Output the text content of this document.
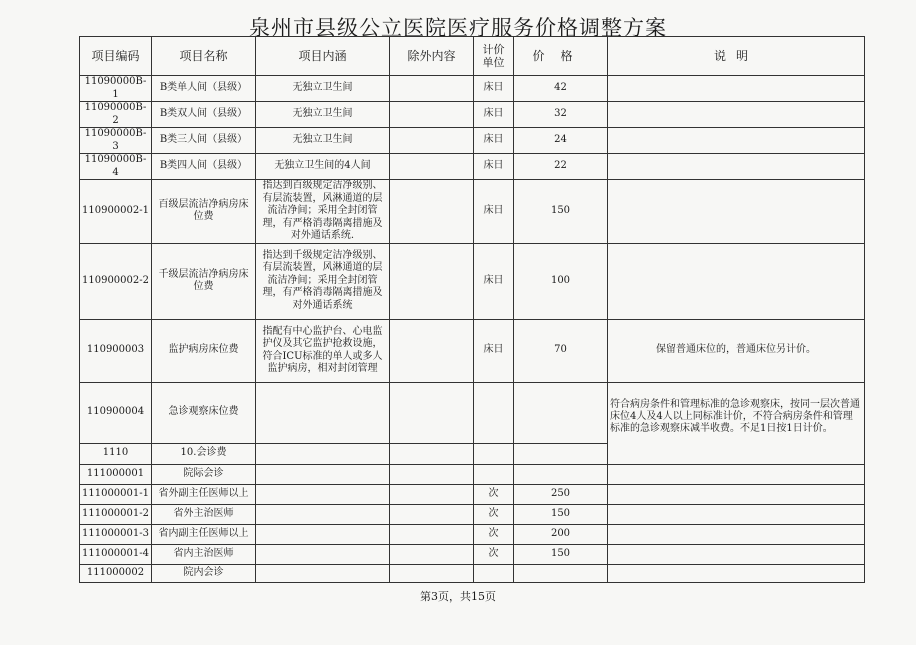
泉州市县级公立医院医疗服务价格调整方案
项目编码	项目名称	项目内涵	除外内容	计价单位	价格	说明
11090000B-1	B类单人间（县级）	无独立卫生间		床日	42	
11090000B-2	B类双人间（县级）	无独立卫生间		床日	32	
11090000B-3	B类三人间（县级）	无独立卫生间		床日	24	
11090000B-4	B类四人间（县级）	无独立卫生间的4人间		床日	22	
110900002-1	百级层流洁净病房床位费	指达到百级规定洁净级别、有层流装置，风淋通道的层流洁净间；采用全封闭管理，有严格消毒隔离措施及对外通话系统.		床日	150	
110900002-2	千级层流洁净病房床位费	指达到千级规定洁净级别、有层流装置，风淋通道的层流洁净间；采用全封闭管理，有严格消毒隔离措施及对外通话系统		床日	100	
110900003	监护病房床位费	指配有中心监护台、心电监护仪及其它监护抢救设施，符合ICU标准的单人或多人监护病房，相对封闭管理		床日	70	保留普通床位的，普通床位另计价。
110900004	急诊观察床位费					符合病房条件和管理标准的急诊观察床，按同一层次普通床位4人及4人以上同标准计价，不符合病房条件和管理标准的急诊观察床减半收费。不足1日按1日计价。
1110	10.会诊费					
111000001	院际会诊					
111000001-1	省外副主任医师以上			次	250	
111000001-2	省外主治医师			次	150	
111000001-3	省内副主任医师以上			次	200	
111000001-4	省内主治医师			次	150	
111000002	院内会诊					
第3页，共15页
